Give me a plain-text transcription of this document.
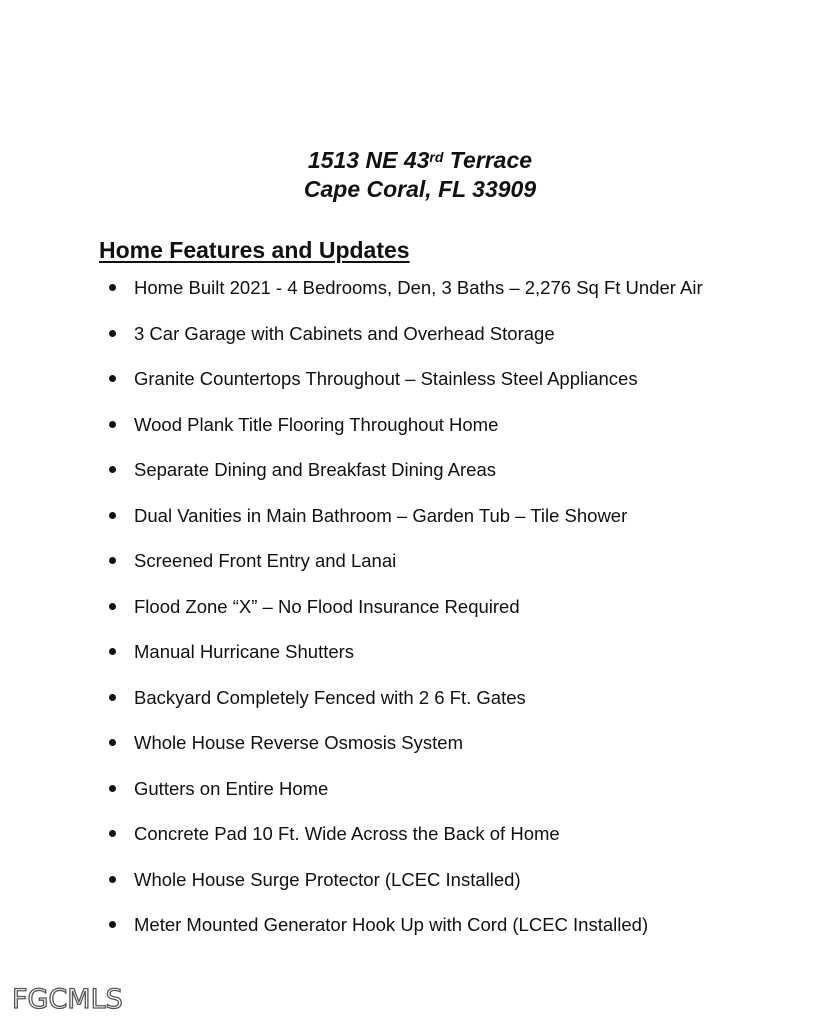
1513 NE 43rd Terrace
Cape Coral, FL 33909
Home Features and Updates
Home Built 2021 - 4 Bedrooms, Den, 3 Baths – 2,276 Sq Ft Under Air
3 Car Garage with Cabinets and Overhead Storage
Granite Countertops Throughout – Stainless Steel Appliances
Wood Plank Title Flooring Throughout Home
Separate Dining and Breakfast Dining Areas
Dual Vanities in Main Bathroom – Garden Tub – Tile Shower
Screened Front Entry and Lanai
Flood Zone “X” – No Flood Insurance Required
Manual Hurricane Shutters
Backyard Completely Fenced with 2 6 Ft. Gates
Whole House Reverse Osmosis System
Gutters on Entire Home
Concrete Pad 10 Ft. Wide Across the Back of Home
Whole House Surge Protector (LCEC Installed)
Meter Mounted Generator Hook Up with Cord (LCEC Installed)
FGCMLS
